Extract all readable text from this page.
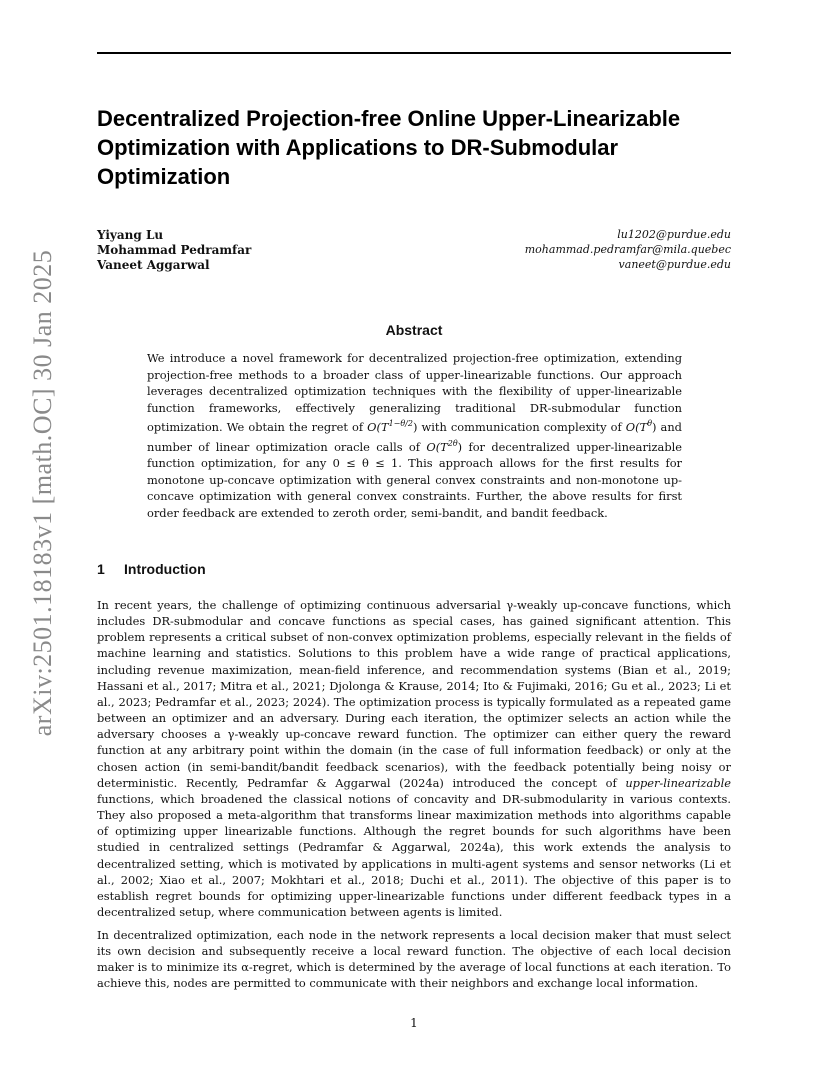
arXiv:2501.18183v1 [math.OC] 30 Jan 2025
Decentralized Projection-free Online Upper-Linearizable Optimization with Applications to DR-Submodular Optimization
Yiyang Lu	lu1202@purdue.edu
Mohammad Pedramfar	mohammad.pedramfar@mila.quebec
Vaneet Aggarwal	vaneet@purdue.edu
Abstract
We introduce a novel framework for decentralized projection-free optimization, extending projection-free methods to a broader class of upper-linearizable functions. Our approach leverages decentralized optimization techniques with the flexibility of upper-linearizable function frameworks, effectively generalizing traditional DR-submodular function optimization. We obtain the regret of $O(T^{1-\theta/2})$ with communication complexity of $O(T^\theta)$ and number of linear optimization oracle calls of $O(T^{2\theta})$ for decentralized upper-linearizable function optimization, for any 0 ≤ θ ≤ 1. This approach allows for the first results for monotone up-concave optimization with general convex constraints and non-monotone up-concave optimization with general convex constraints. Further, the above results for first order feedback are extended to zeroth order, semi-bandit, and bandit feedback.
1 Introduction

In recent years, the challenge of optimizing continuous adversarial γ-weakly up-concave functions, which includes DR-submodular and concave functions as special cases, has gained significant attention. This problem represents a critical subset of non-convex optimization problems, especially relevant in the fields of machine learning and statistics. Solutions to this problem have a wide range of practical applications, including revenue maximization, mean-field inference, and recommendation systems (Bian et al., 2019; Hassani et al., 2017; Mitra et al., 2021; Djolonga & Krause, 2014; Ito & Fujimaki, 2016; Gu et al., 2023; Li et al., 2023; Pedramfar et al., 2023; 2024). The optimization process is typically formulated as a repeated game between an optimizer and an adversary. During each iteration, the optimizer selects an action while the adversary chooses a γ-weakly up-concave reward function. The optimizer can either query the reward function at any arbitrary point within the domain (in the case of full information feedback) or only at the chosen action (in semi-bandit/bandit feedback scenarios), with the feedback potentially being noisy or deterministic. Recently, Pedramfar & Aggarwal (2024a) introduced the concept of upper-linearizable functions, which broadened the classical notions of concavity and DR-submodularity in various contexts. They also proposed a meta-algorithm that transforms linear maximization methods into algorithms capable of optimizing upper linearizable functions. Although the regret bounds for such algorithms have been studied in centralized settings (Pedramfar & Aggarwal, 2024a), this work extends the analysis to decentralized setting, which is motivated by applications in multi-agent systems and sensor networks (Li et al., 2002; Xiao et al., 2007; Mokhtari et al., 2018; Duchi et al., 2011). The objective of this paper is to establish regret bounds for optimizing upper-linearizable functions under different feedback types in a decentralized setup, where communication between agents is limited.

In decentralized optimization, each node in the network represents a local decision maker that must select its own decision and subsequently receive a local reward function. The objective of each local decision maker is to minimize its α-regret, which is determined by the average of local functions at each iteration. To achieve this, nodes are permitted to communicate with their neighbors and exchange local information.

1
